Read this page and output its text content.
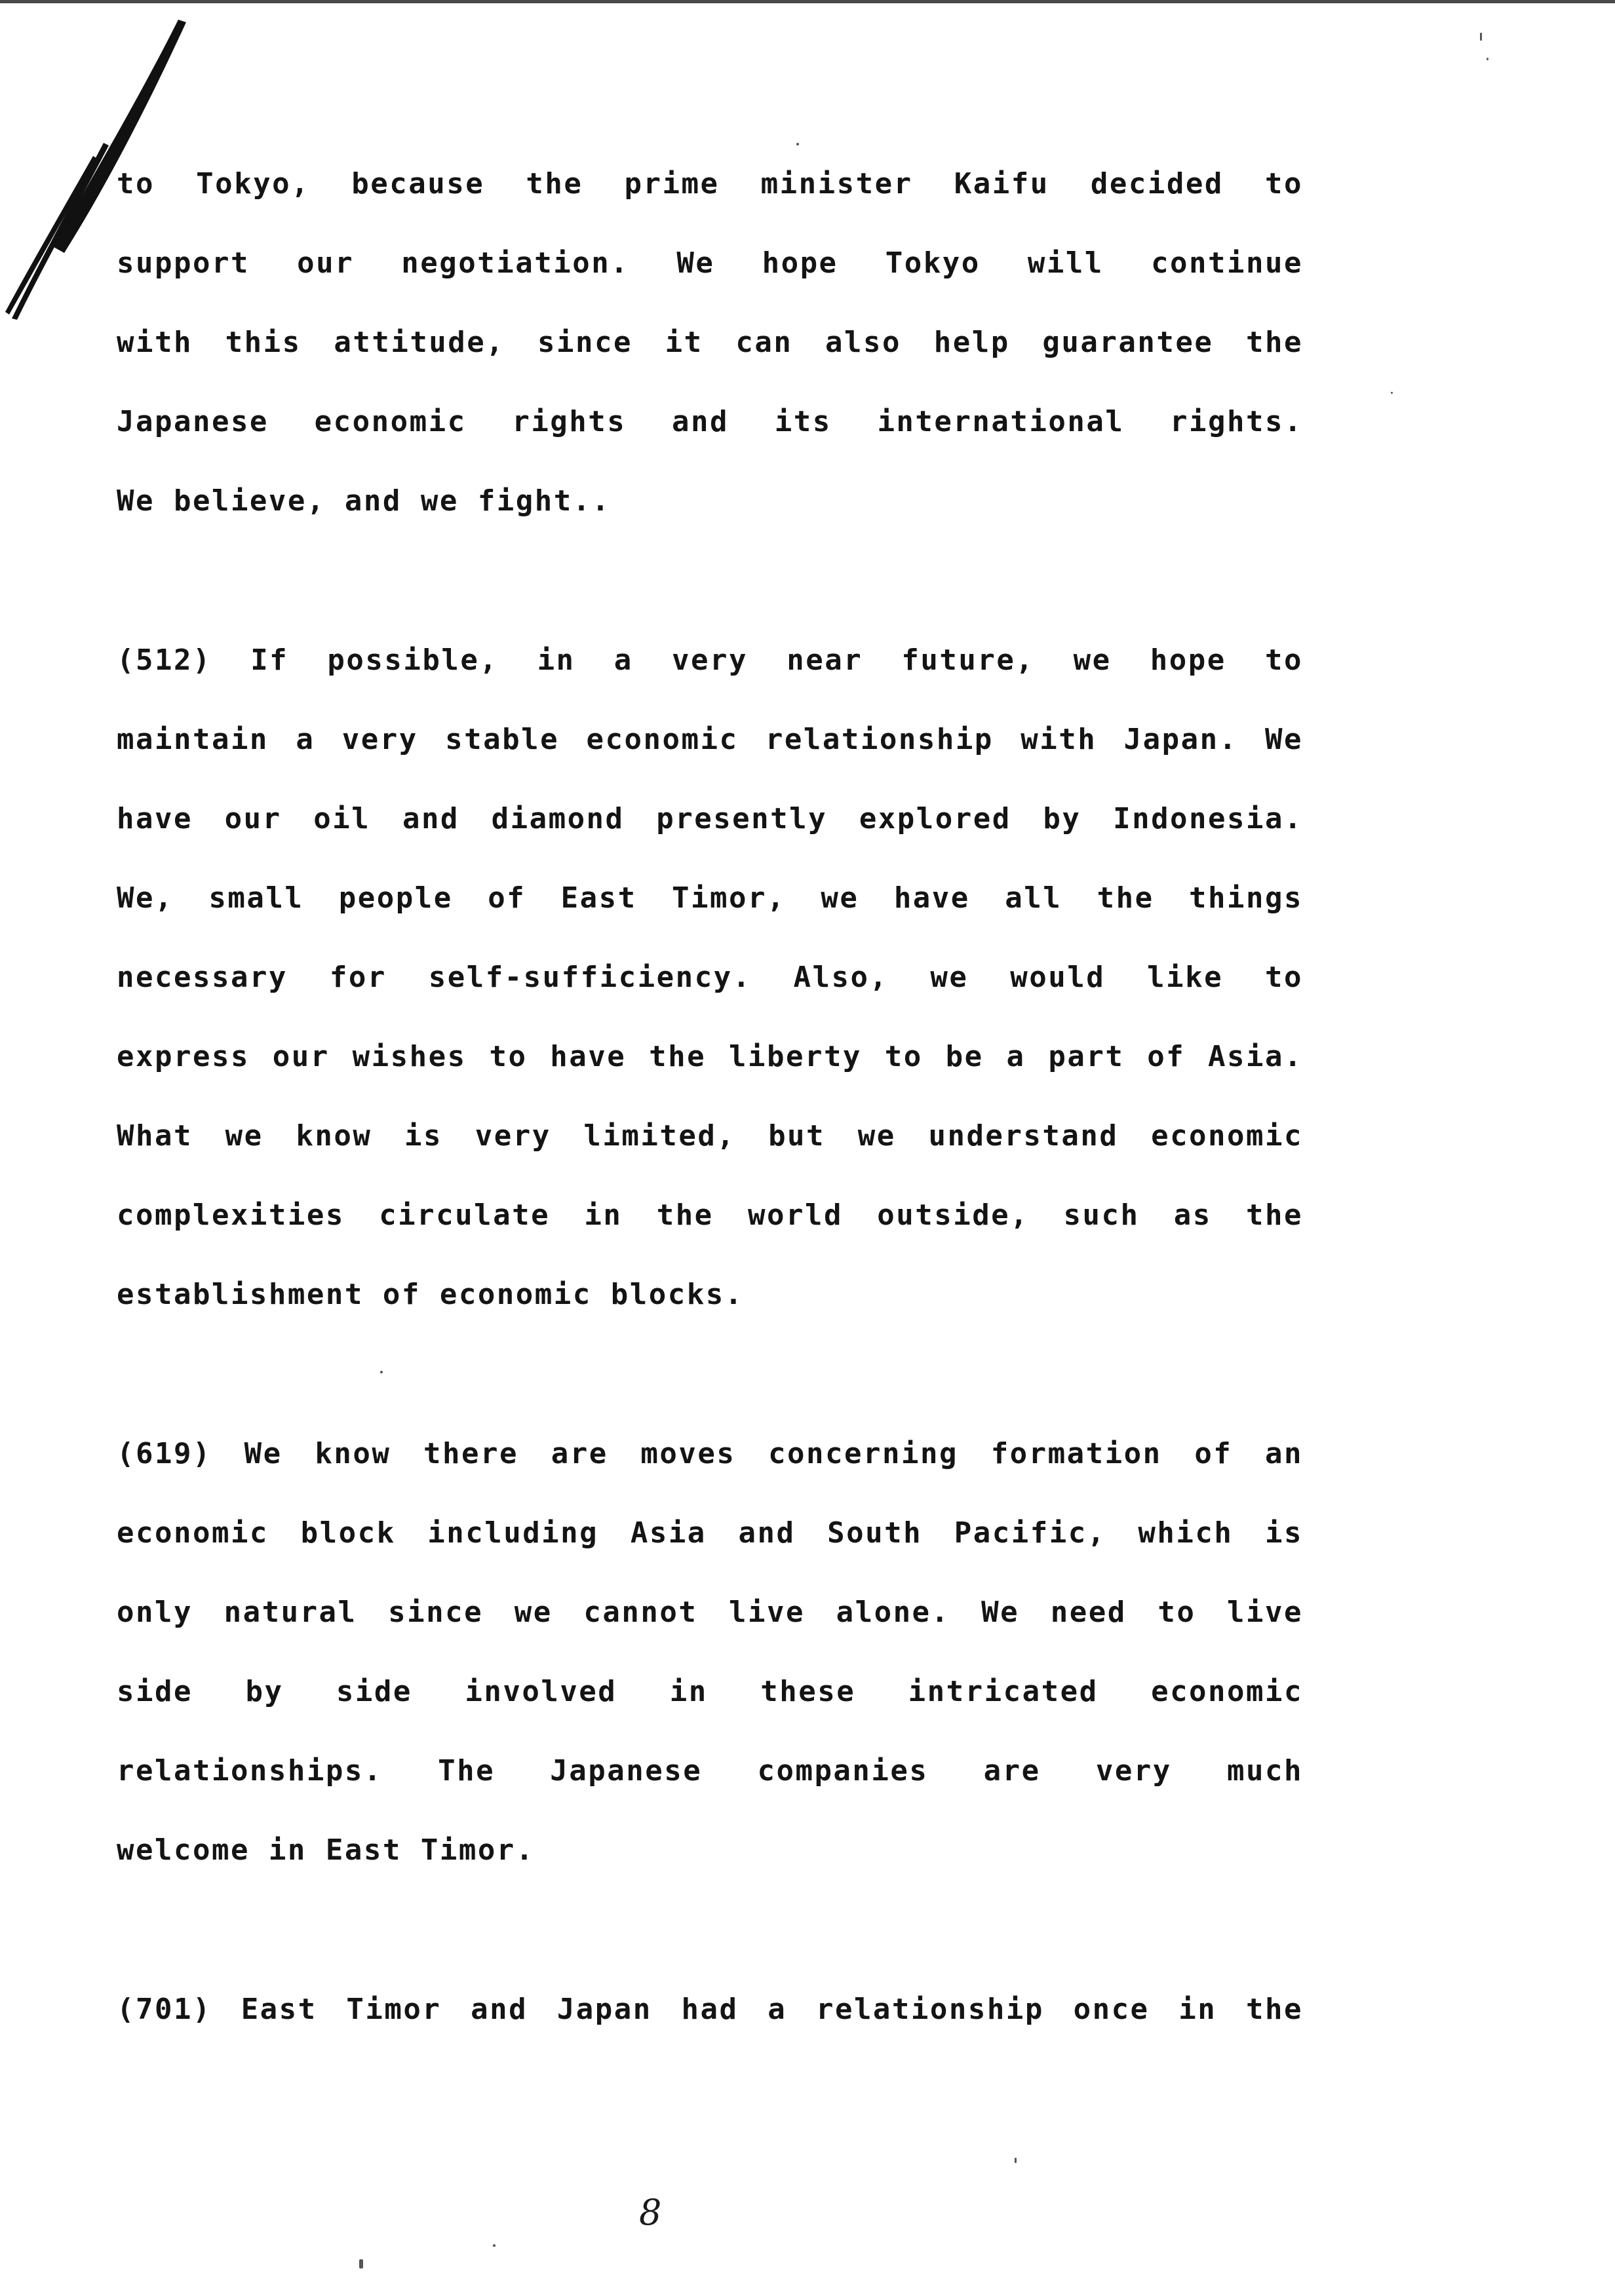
to Tokyo, because the prime minister Kaifu decided to
support our negotiation. We hope Tokyo will continue
with this attitude, since it can also help guarantee the
Japanese economic rights and its international rights.
We believe, and we fight..
(512) If possible, in a very near future, we hope to
maintain a very stable economic relationship with Japan. We
have our oil and diamond presently explored by Indonesia.
We, small people of East Timor, we have all the things
necessary for self-sufficiency. Also, we would like to
express our wishes to have the liberty to be a part of Asia.
What we know is very limited, but we understand economic
complexities circulate in the world outside, such as the
establishment of economic blocks.
(619) We know there are moves concerning formation of an
economic block including Asia and South Pacific, which is
only natural since we cannot live alone. We need to live
side by side involved in these intricated economic
relationships. The Japanese companies are very much
welcome in East Timor.
(701) East Timor and Japan had a relationship once in the
8
